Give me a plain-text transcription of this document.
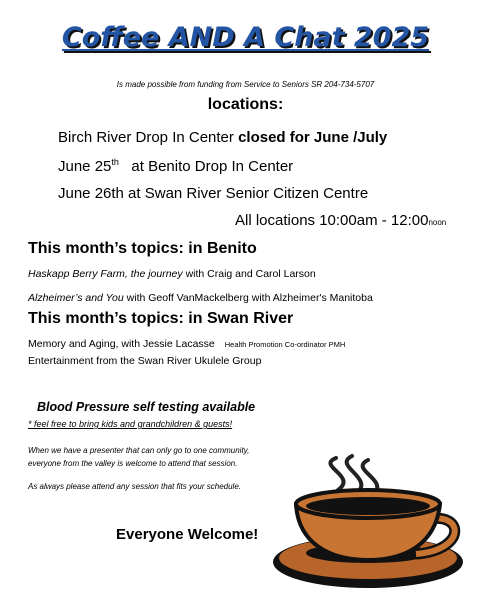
Coffee AND A Chat 2025
Is made possible from funding from Service to Seniors SR 204-734-5707
locations:
Birch River Drop In Center closed for June /July
June 25th   at Benito Drop In Center
June 26th at Swan River Senior Citizen Centre
All locations 10:00am - 12:00noon
This month’s topics: in Benito
Haskapp Berry Farm, the journey with Craig and Carol Larson
Alzheimer’s and You with Geoff VanMackelberg with Alzheimer's Manitoba
This month’s topics: in Swan River
Memory and Aging, with Jessie Lacasse Health Promotion Co-ordinator PMH
Entertainment from the Swan River Ukulele Group
Blood Pressure self testing available
* feel free to bring kids and grandchildren & guests!
When we have a presenter that can only go to one community,
everyone from the valley is welcome to attend that session.
As always please attend any session that fits your schedule.
Everyone Welcome!
